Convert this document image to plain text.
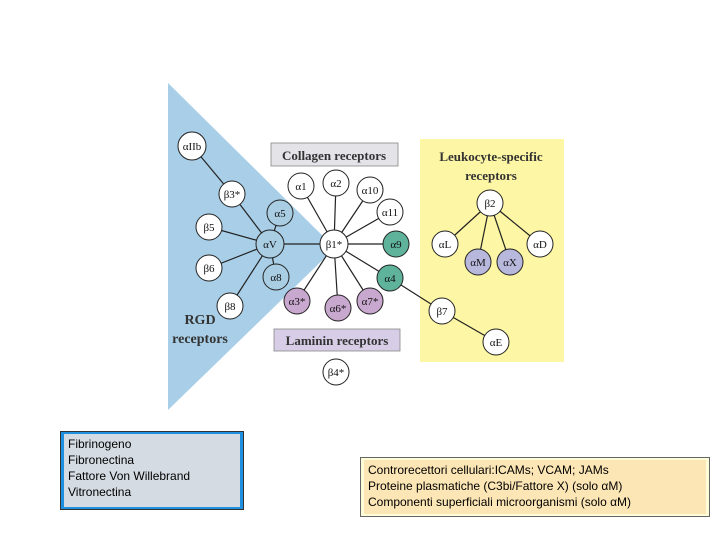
Collagen receptors
Laminin receptors
Leukocyte-specific
receptors
RGD
receptors
αIIb
β3*
β5
β6
β8
α5
αV
α8
α1 α2
α10
α11
β1*	α9
α4
α3*
α6*
α7*
β4*
β2
αL
αM αX
αD
β7
αE
Fibrinogeno
Fibronectina
Fattore Von Willebrand
Vitronectina
Controrecettori cellulari:ICAMs; VCAM; JAMs
Proteine plasmatiche (C3bi/Fattore X) (solo αM)
Componenti superficiali microorganismi (solo αM)
